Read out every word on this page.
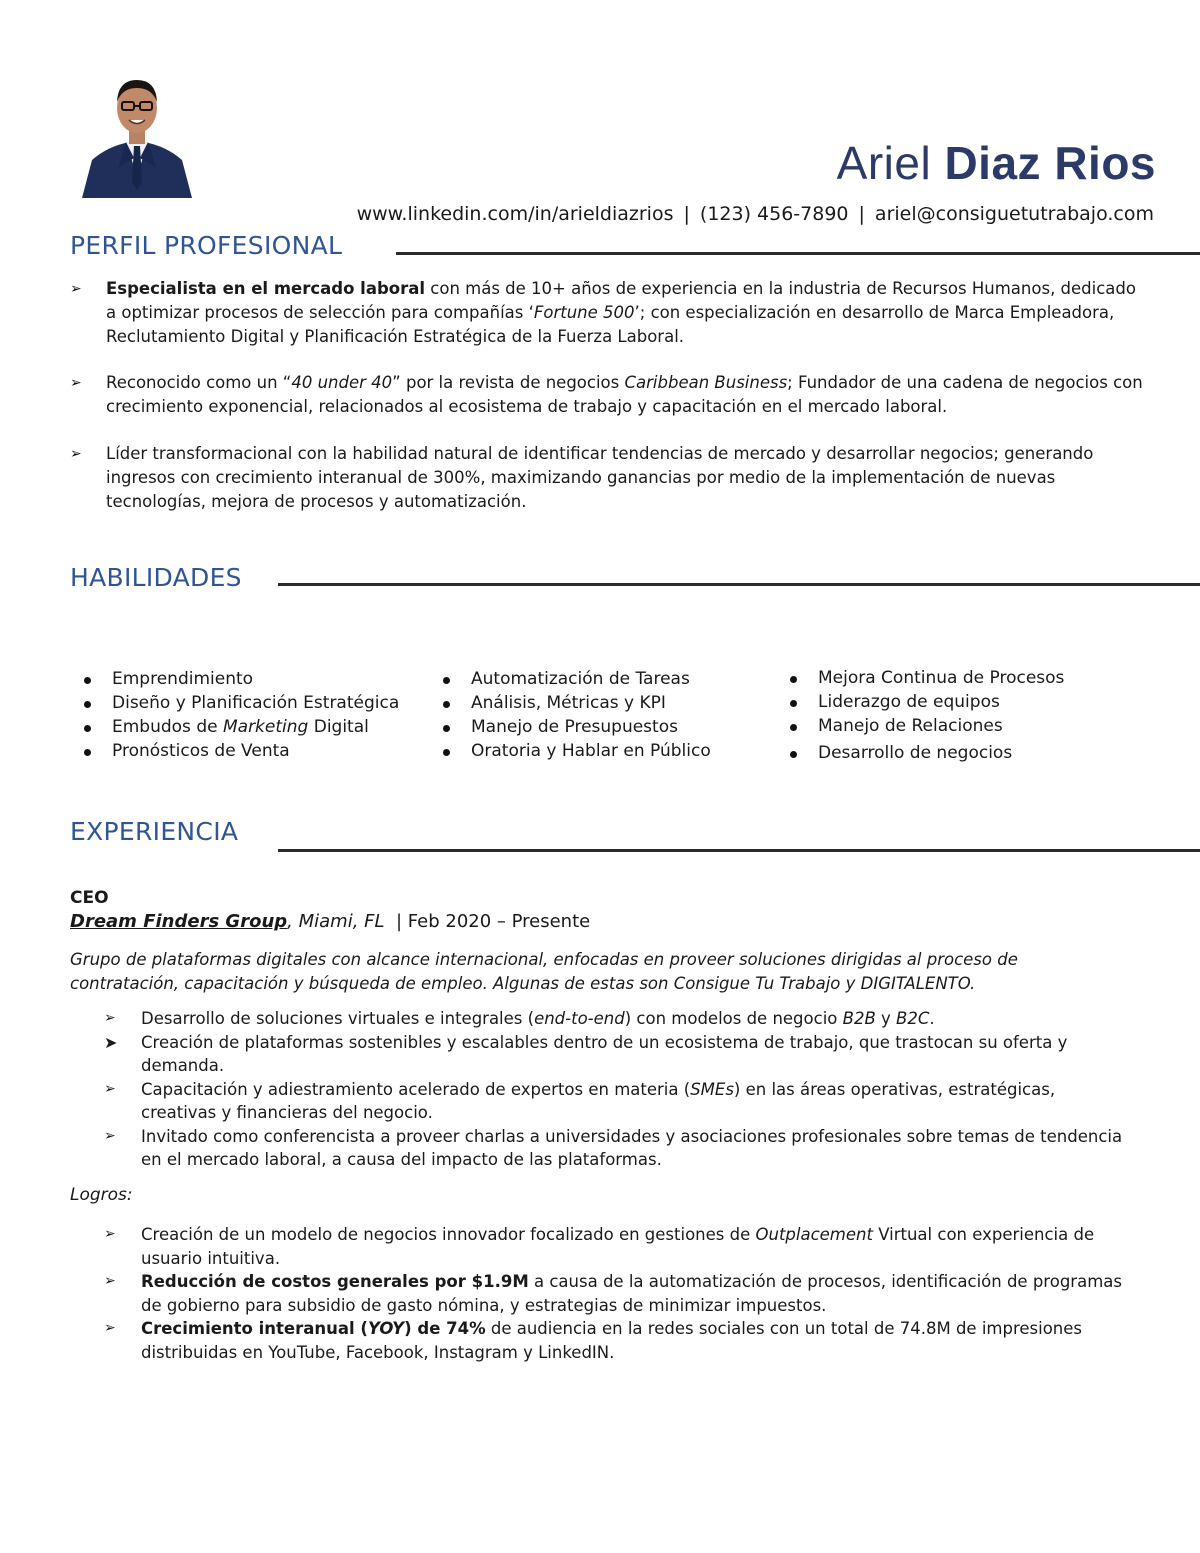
Ariel Diaz Rios
www.linkedin.com/in/arieldiazrios | (123) 456-7890 | ariel@consiguetutrabajo.com
PERFIL PROFESIONAL
➢	Especialista en el mercado laboral con más de 10+ años de experiencia en la industria de Recursos Humanos, dedicado a optimizar procesos de selección para compañías ‘Fortune 500’; con especialización en desarrollo de Marca Empleadora, Reclutamiento Digital y Planificación Estratégica de la Fuerza Laboral.
➢	Reconocido como un “40 under 40” por la revista de negocios Caribbean Business; Fundador de una cadena de negocios con crecimiento exponencial, relacionados al ecosistema de trabajo y capacitación en el mercado laboral.
➢	Líder transformacional con la habilidad natural de identificar tendencias de mercado y desarrollar negocios; generando ingresos con crecimiento interanual de 300%, maximizando ganancias por medio de la implementación de nuevas tecnologías, mejora de procesos y automatización.
HABILIDADES
Emprendimiento
Diseño y Planificación Estratégica
Embudos de Marketing Digital
Pronósticos de Venta
Automatización de Tareas
Análisis, Métricas y KPI
Manejo de Presupuestos
Oratoria y Hablar en Público
Mejora Continua de Procesos
Liderazgo de equipos
Manejo de Relaciones
Desarrollo de negocios
EXPERIENCIA
CEO
Dream Finders Group, Miami, FL | Feb 2020 – Presente
Grupo de plataformas digitales con alcance internacional, enfocadas en proveer soluciones dirigidas al proceso de contratación, capacitación y búsqueda de empleo. Algunas de estas son Consigue Tu Trabajo y DIGITALENTO.
➢ Desarrollo de soluciones virtuales e integrales (end-to-end) con modelos de negocio B2B y B2C.
➤ Creación de plataformas sostenibles y escalables dentro de un ecosistema de trabajo, que trastocan su oferta y demanda.
➢ Capacitación y adiestramiento acelerado de expertos en materia (SMEs) en las áreas operativas, estratégicas, creativas y financieras del negocio.
➢ Invitado como conferencista a proveer charlas a universidades y asociaciones profesionales sobre temas de tendencia en el mercado laboral, a causa del impacto de las plataformas.
Logros:
➢ Creación de un modelo de negocios innovador focalizado en gestiones de Outplacement Virtual con experiencia de usuario intuitiva.
➢ Reducción de costos generales por $1.9M a causa de la automatización de procesos, identificación de programas de gobierno para subsidio de gasto nómina, y estrategias de minimizar impuestos.
➢ Crecimiento interanual (YOY) de 74% de audiencia en la redes sociales con un total de 74.8M de impresiones distribuidas en YouTube, Facebook, Instagram y LinkedIN.
